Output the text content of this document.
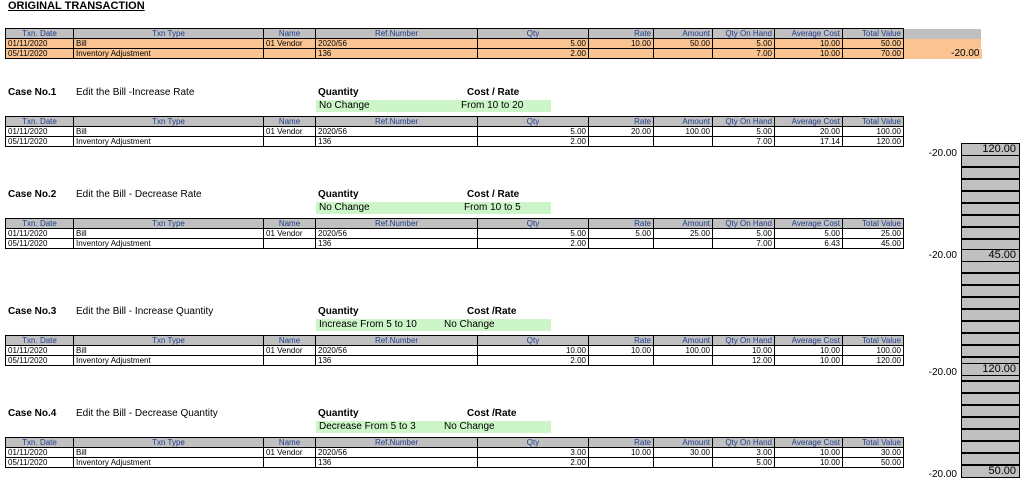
ORIGINAL TRANSACTION
Txn. Date	Txn Type	Name	Ref.Number	Qty	Rate	Amount	Qty On Hand	Average Cost	Total Value	
01/11/2020	Bill	01 Vendor	2020/56	5.00	10.00	50.00	5.00	10.00	50.00	
05/11/2020	Inventory Adjustment		136	2.00			7.00	10.00	70.00	-20.00
Case No.1 Edit the Bill -Increase Rate	Quantity	Cost / Rate
No Change	From 10 to 20
Txn. Date	Txn Type	Name	Ref.Number	Qty	Rate	Amount	Qty On Hand	Average Cost	Total Value
01/11/2020	Bill	01 Vendor	2020/56	5.00	20.00	100.00	5.00	20.00	100.00
05/11/2020	Inventory Adjustment		136	2.00			7.00	17.14	120.00
-20.00
Case No.2 Edit the Bill - Decrease Rate	Quantity	Cost / Rate
No Change	From 10 to 5
Txn. Date	Txn Type	Name	Ref.Number	Qty	Rate	Amount	Qty On Hand	Average Cost	Total Value
01/11/2020	Bill	01 Vendor	2020/56	5.00	5.00	25.00	5.00	5.00	25.00
05/11/2020	Inventory Adjustment		136	2.00			7.00	6.43	45.00
-20.00
Case No.3 Edit the Bill - Increase Quantity	Quantity	Cost /Rate
Increase From 5 to 10	No Change
Txn. Date	Txn Type	Name	Ref.Number	Qty	Rate	Amount	Qty On Hand	Average Cost	Total Value
01/11/2020	Bill	01 Vendor	2020/56	10.00	10.00	100.00	10.00	10.00	100.00
05/11/2020	Inventory Adjustment		136	2.00			12.00	10.00	120.00
-20.00
Case No.4 Edit the Bill - Decrease Quantity	Quantity	Cost /Rate
Decrease From 5 to 3	No Change
Txn. Date	Txn Type	Name	Ref.Number	Qty	Rate	Amount	Qty On Hand	Average Cost	Total Value
01/11/2020	Bill	01 Vendor	2020/56	3.00	10.00	30.00	3.00	10.00	30.00
05/11/2020	Inventory Adjustment		136	2.00			5.00	10.00	50.00
-20.00
120.00
45.00
120.00
50.00
